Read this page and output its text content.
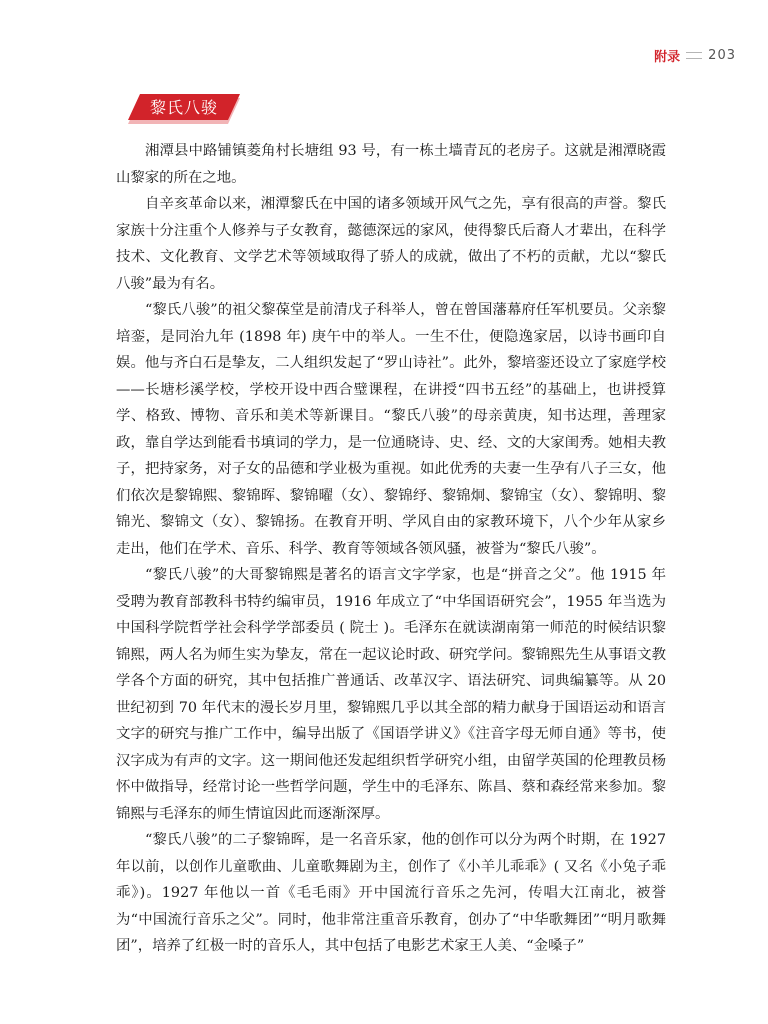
附录 203
黎氏八骏

湘潭县中路铺镇菱角村长塘组 93 号，有一栋土墙青瓦的老房子。这就是湘潭晓霞山黎家的所在之地。

自辛亥革命以来，湘潭黎氏在中国的诸多领域开风气之先，享有很高的声誉。黎氏家族十分注重个人修养与子女教育，懿德深远的家风，使得黎氏后裔人才辈出，在科学技术、文化教育、文学艺术等领域取得了骄人的成就，做出了不朽的贡献，尤以“黎氏八骏”最为有名。

“黎氏八骏”的祖父黎葆堂是前清戊子科举人，曾在曾国藩幕府任军机要员。父亲黎培銮，是同治九年 (1898 年) 庚午中的举人。一生不仕，便隐逸家居，以诗书画印自娱。他与齐白石是挚友，二人组织发起了“罗山诗社”。此外，黎培銮还设立了家庭学校——长塘杉溪学校，学校开设中西合璧课程，在讲授“四书五经”的基础上，也讲授算学、格致、博物、音乐和美术等新课目。“黎氏八骏”的母亲黄庚，知书达理，善理家政，靠自学达到能看书填词的学力，是一位通晓诗、史、经、文的大家闺秀。她相夫教子，把持家务，对子女的品德和学业极为重视。如此优秀的夫妻一生孕有八子三女，他们依次是黎锦熙、黎锦晖、黎锦曜（女）、黎锦纾、黎锦炯、黎锦宝（女）、黎锦明、黎锦光、黎锦文（女）、黎锦扬。在教育开明、学风自由的家教环境下，八个少年从家乡走出，他们在学术、音乐、科学、教育等领域各领风骚，被誉为“黎氏八骏”。

“黎氏八骏”的大哥黎锦熙是著名的语言文字学家，也是“拼音之父”。他 1915 年受聘为教育部教科书特约编审员，1916 年成立了“中华国语研究会”，1955 年当选为中国科学院哲学社会科学学部委员 ( 院士 )。毛泽东在就读湖南第一师范的时候结识黎锦熙，两人名为师生实为挚友，常在一起议论时政、研究学问。黎锦熙先生从事语文教学各个方面的研究，其中包括推广普通话、改革汉字、语法研究、词典编纂等。从 20 世纪初到 70 年代末的漫长岁月里，黎锦熙几乎以其全部的精力献身于国语运动和语言文字的研究与推广工作中，编导出版了《国语学讲义》《注音字母无师自通》等书，使汉字成为有声的文字。这一期间他还发起组织哲学研究小组，由留学英国的伦理教员杨怀中做指导，经常讨论一些哲学问题，学生中的毛泽东、陈昌、蔡和森经常来参加。黎锦熙与毛泽东的师生情谊因此而逐渐深厚。

“黎氏八骏”的二子黎锦晖，是一名音乐家，他的创作可以分为两个时期，在 1927 年以前，以创作儿童歌曲、儿童歌舞剧为主，创作了《小羊儿乖乖》( 又名《小兔子乖乖》)。1927 年他以一首《毛毛雨》开中国流行音乐之先河，传唱大江南北，被誉为“中国流行音乐之父”。同时，他非常注重音乐教育，创办了“中华歌舞团”“明月歌舞团”，培养了红极一时的音乐人，其中包括了电影艺术家王人美、“金嗓子”
